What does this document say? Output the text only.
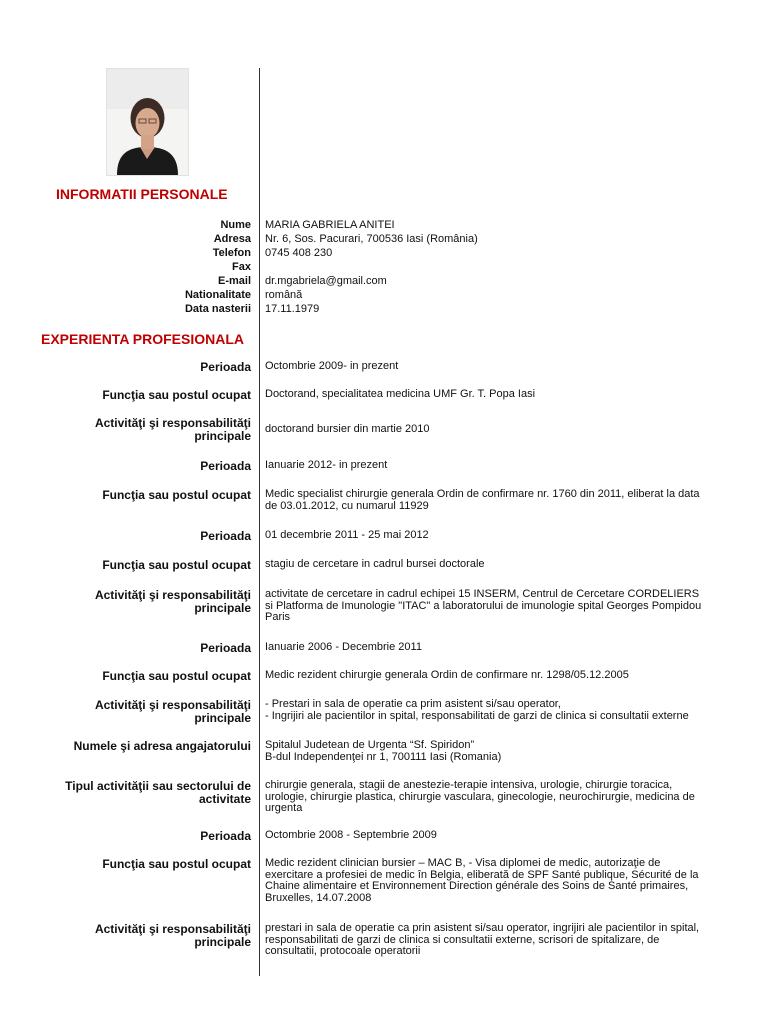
INFORMATII PERSONALE
EXPERIENTA PROFESIONALA
Nume MARIA GABRIELA ANITEI
Adresa Nr. 6, Sos. Pacurari, 700536 Iasi (România)
Telefon 0745 408 230
Fax
E-mail dr.mgabriela@gmail.com
Nationalitate română
Data nasterii 17.11.1979
Perioada Octombrie 2009- in prezent
Funcţia sau postul ocupat Doctorand, specialitatea medicina UMF Gr. T. Popa Iasi
Activităţi şi responsabilităţi
principale doctorand bursier din martie 2010
Perioada Ianuarie 2012- in prezent
Funcţia sau postul ocupat Medic specialist chirurgie generala Ordin de confirmare nr. 1760 din 2011, eliberat la data
de 03.01.2012, cu numarul 11929
Perioada 01 decembrie 2011 - 25 mai 2012
Funcţia sau postul ocupat stagiu de cercetare in cadrul bursei doctorale
Activităţi şi responsabilităţi
principale
activitate de cercetare in cadrul echipei 15 INSERM, Centrul de Cercetare CORDELIERS
si Platforma de Imunologie "ITAC" a laboratorului de imunologie spital Georges Pompidou
Paris
Perioada Ianuarie 2006 - Decembrie 2011
Funcţia sau postul ocupat Medic rezident chirurgie generala Ordin de confirmare nr. 1298/05.12.2005
Activităţi şi responsabilităţi
principale
- Prestari in sala de operatie ca prim asistent si/sau operator,
- Ingrijiri ale pacientilor in spital, responsabilitati de garzi de clinica si consultatii externe
Numele şi adresa angajatorului Spitalul Judetean de Urgenta “Sf. Spiridon”
B-dul Independenţei nr 1, 700111 Iasi (Romania)
Tipul activităţii sau sectorului de
activitate
chirurgie generala, stagii de anestezie-terapie intensiva, urologie, chirurgie toracica,
urologie, chirurgie plastica, chirurgie vasculara, ginecologie, neurochirurgie, medicina de
urgenta
Perioada Octombrie 2008 - Septembrie 2009
Funcţia sau postul ocupat Medic rezident clinician bursier – MAC B, - Visa diplomei de medic, autorizaţie de
exercitare a profesiei de medic în Belgia, eliberată de SPF Santé publique, Sécurité de la
Chaine alimentaire et Environnement Direction générale des Soins de Santé primaires,
Bruxelles, 14.07.2008
Activităţi şi responsabilităţi
principale
prestari in sala de operatie ca prin asistent si/sau operator, ingrijiri ale pacientilor in spital,
responsabilitati de garzi de clinica si consultatii externe, scrisori de spitalizare, de
consultatii, protocoale operatorii
